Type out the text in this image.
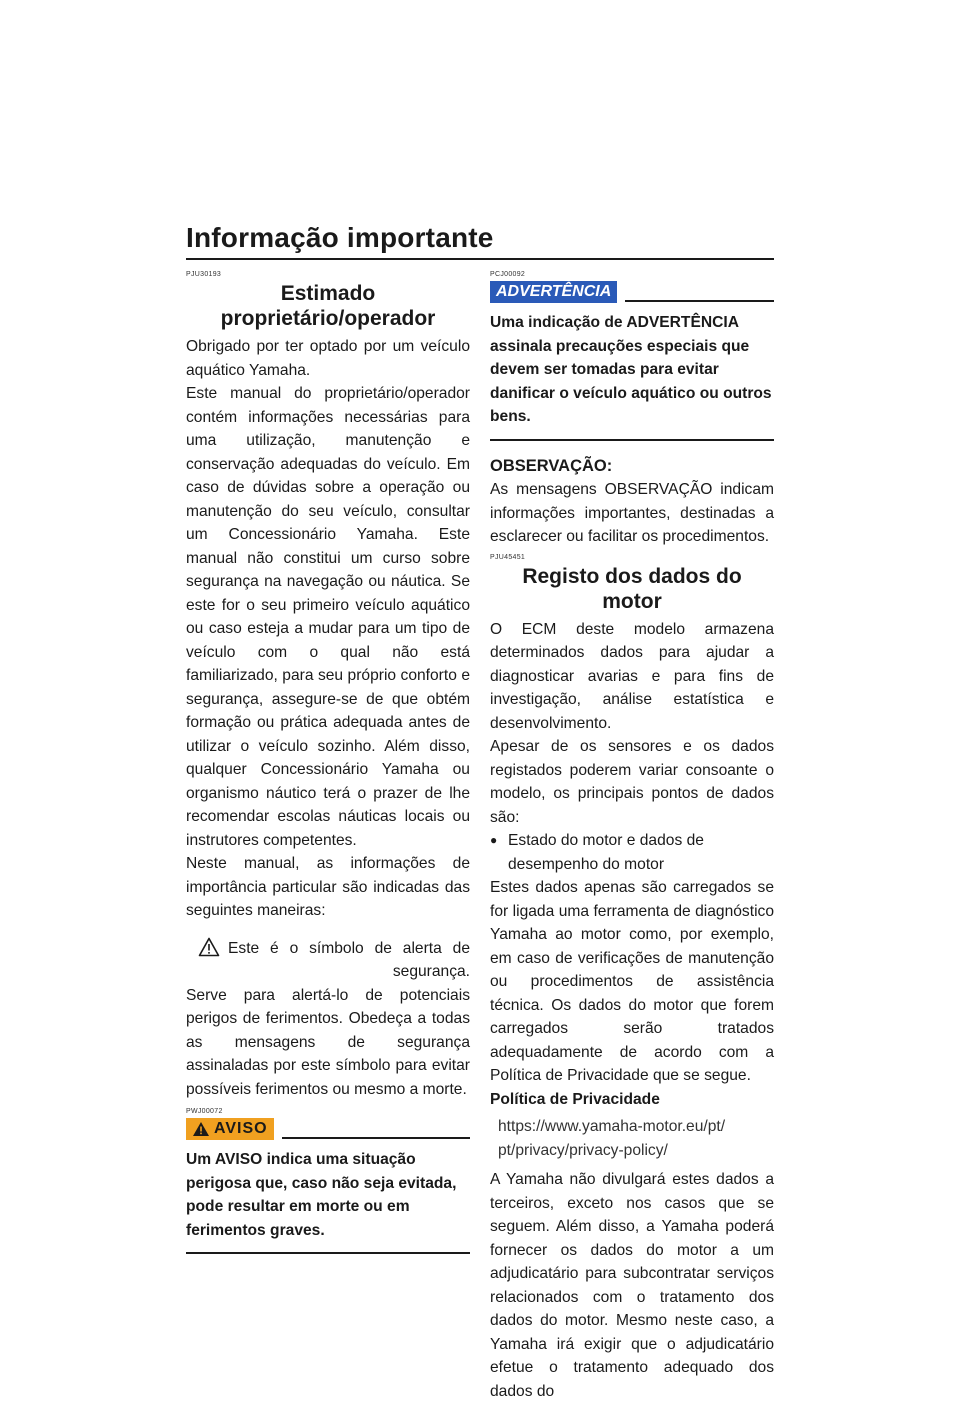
Informação importante
PJU30193
Estimado
proprietário/operador

Obrigado por ter optado por um veículo aquático Yamaha.

Este manual do proprietário/operador contém informações necessárias para uma utilização, manutenção e conservação adequadas do veículo. Em caso de dúvidas sobre a operação ou manutenção do seu veículo, consultar um Concessionário Yamaha. Este manual não constitui um curso sobre segurança na navegação ou náutica. Se este for o seu primeiro veículo aquático ou caso esteja a mudar para um tipo de veículo com o qual não está familiarizado, para seu próprio conforto e segurança, assegure-se de que obtém formação ou prática adequada antes de utilizar o veículo sozinho. Além disso, qualquer Concessionário Yamaha ou organismo náutico terá o prazer de lhe recomendar escolas náuticas locais ou instrutores competentes.

Neste manual, as informações de importância particular são indicadas das seguintes maneiras:

Este é o símbolo de alerta de segurança.

Serve para alertá-lo de potenciais perigos de ferimentos. Obedeça a todas as mensagens de segurança assinaladas por este símbolo para evitar possíveis ferimentos ou mesmo a morte.

PWJ00072
AVISO
Um AVISO indica uma situação perigosa que, caso não seja evitada, pode resultar em morte ou em ferimentos graves.
PCJ00092
ADVERTÊNCIA
Uma indicação de ADVERTÊNCIA assinala precauções especiais que devem ser tomadas para evitar danificar o veículo aquático ou outros bens.
OBSERVAÇÃO:

As mensagens OBSERVAÇÃO indicam informações importantes, destinadas a esclarecer ou facilitar os procedimentos.

PJU45451
Registo dos dados do motor

O ECM deste modelo armazena determinados dados para ajudar a diagnosticar avarias e para fins de investigação, análise estatística e desenvolvimento.

Apesar de os sensores e os dados registados poderem variar consoante o modelo, os principais pontos de dados são:

● Estado do motor e dados de desempenho do motor

Estes dados apenas são carregados se for ligada uma ferramenta de diagnóstico Yamaha ao motor como, por exemplo, em caso de verificações de manutenção ou procedimentos de assistência técnica. Os dados do motor que forem carregados serão tratados adequadamente de acordo com a Política de Privacidade que se segue.

Política de Privacidade
https://www.yamaha-motor.eu/pt/
pt/privacy/privacy-policy/

A Yamaha não divulgará estes dados a terceiros, exceto nos casos que se seguem. Além disso, a Yamaha poderá fornecer os dados do motor a um adjudicatário para subcontratar serviços relacionados com o tratamento dos dados do motor. Mesmo neste caso, a Yamaha irá exigir que o adjudicatário efetue o tratamento adequado dos dados do
